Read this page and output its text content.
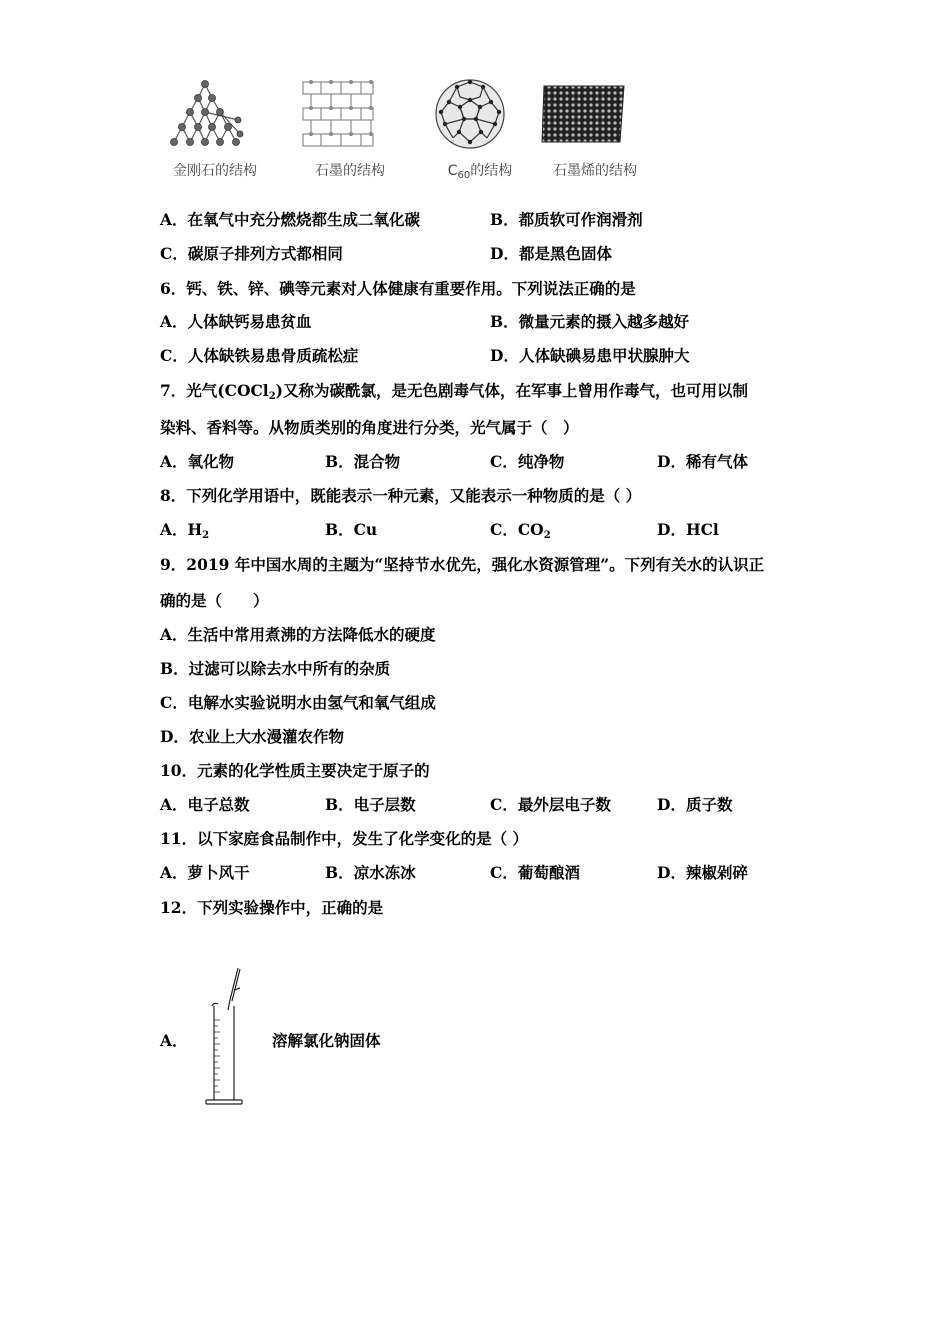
金刚石的结构	石墨的结构	$C_{60}$的结构	石墨烯的结构
A．在氧气中充分燃烧都生成二氧化碳	B．都质软可作润滑剂
C．碳原子排列方式都相同	D．都是黑色固体
6．钙、铁、锌、碘等元素对人体健康有重要作用。下列说法正确的是
A．人体缺钙易患贫血	B．微量元素的摄入越多越好
C．人体缺铁易患骨质疏松症	D．人体缺碘易患甲状腺肿大
7．光气(COCl$_2$)又称为碳酰氯，是无色剧毒气体，在军事上曾用作毒气，也可用以制
染料、香料等。从物质类别的角度进行分类，光气属于（　）
A．氧化物	B．混合物	C．纯净物	D．稀有气体
8．下列化学用语中，既能表示一种元素，又能表示一种物质的是（ ）
A．$H_2$	B．Cu	C．$CO_2$	D．HCl
9．2019 年中国水周的主题为“坚持节水优先，强化水资源管理”。下列有关水的认识正
确的是（　　）
A．生活中常用煮沸的方法降低水的硬度
B．过滤可以除去水中所有的杂质
C．电解水实验说明水由氢气和氧气组成
D．农业上大水漫灌农作物
10．元素的化学性质主要决定于原子的
A．电子总数	B．电子层数	C．最外层电子数	D．质子数
11．以下家庭食品制作中，发生了化学变化的是（ ）
A．萝卜风干	B．凉水冻冰	C．葡萄酿酒	D．辣椒剁碎
12．下列实验操作中，正确的是
A．	溶解氯化钠固体
